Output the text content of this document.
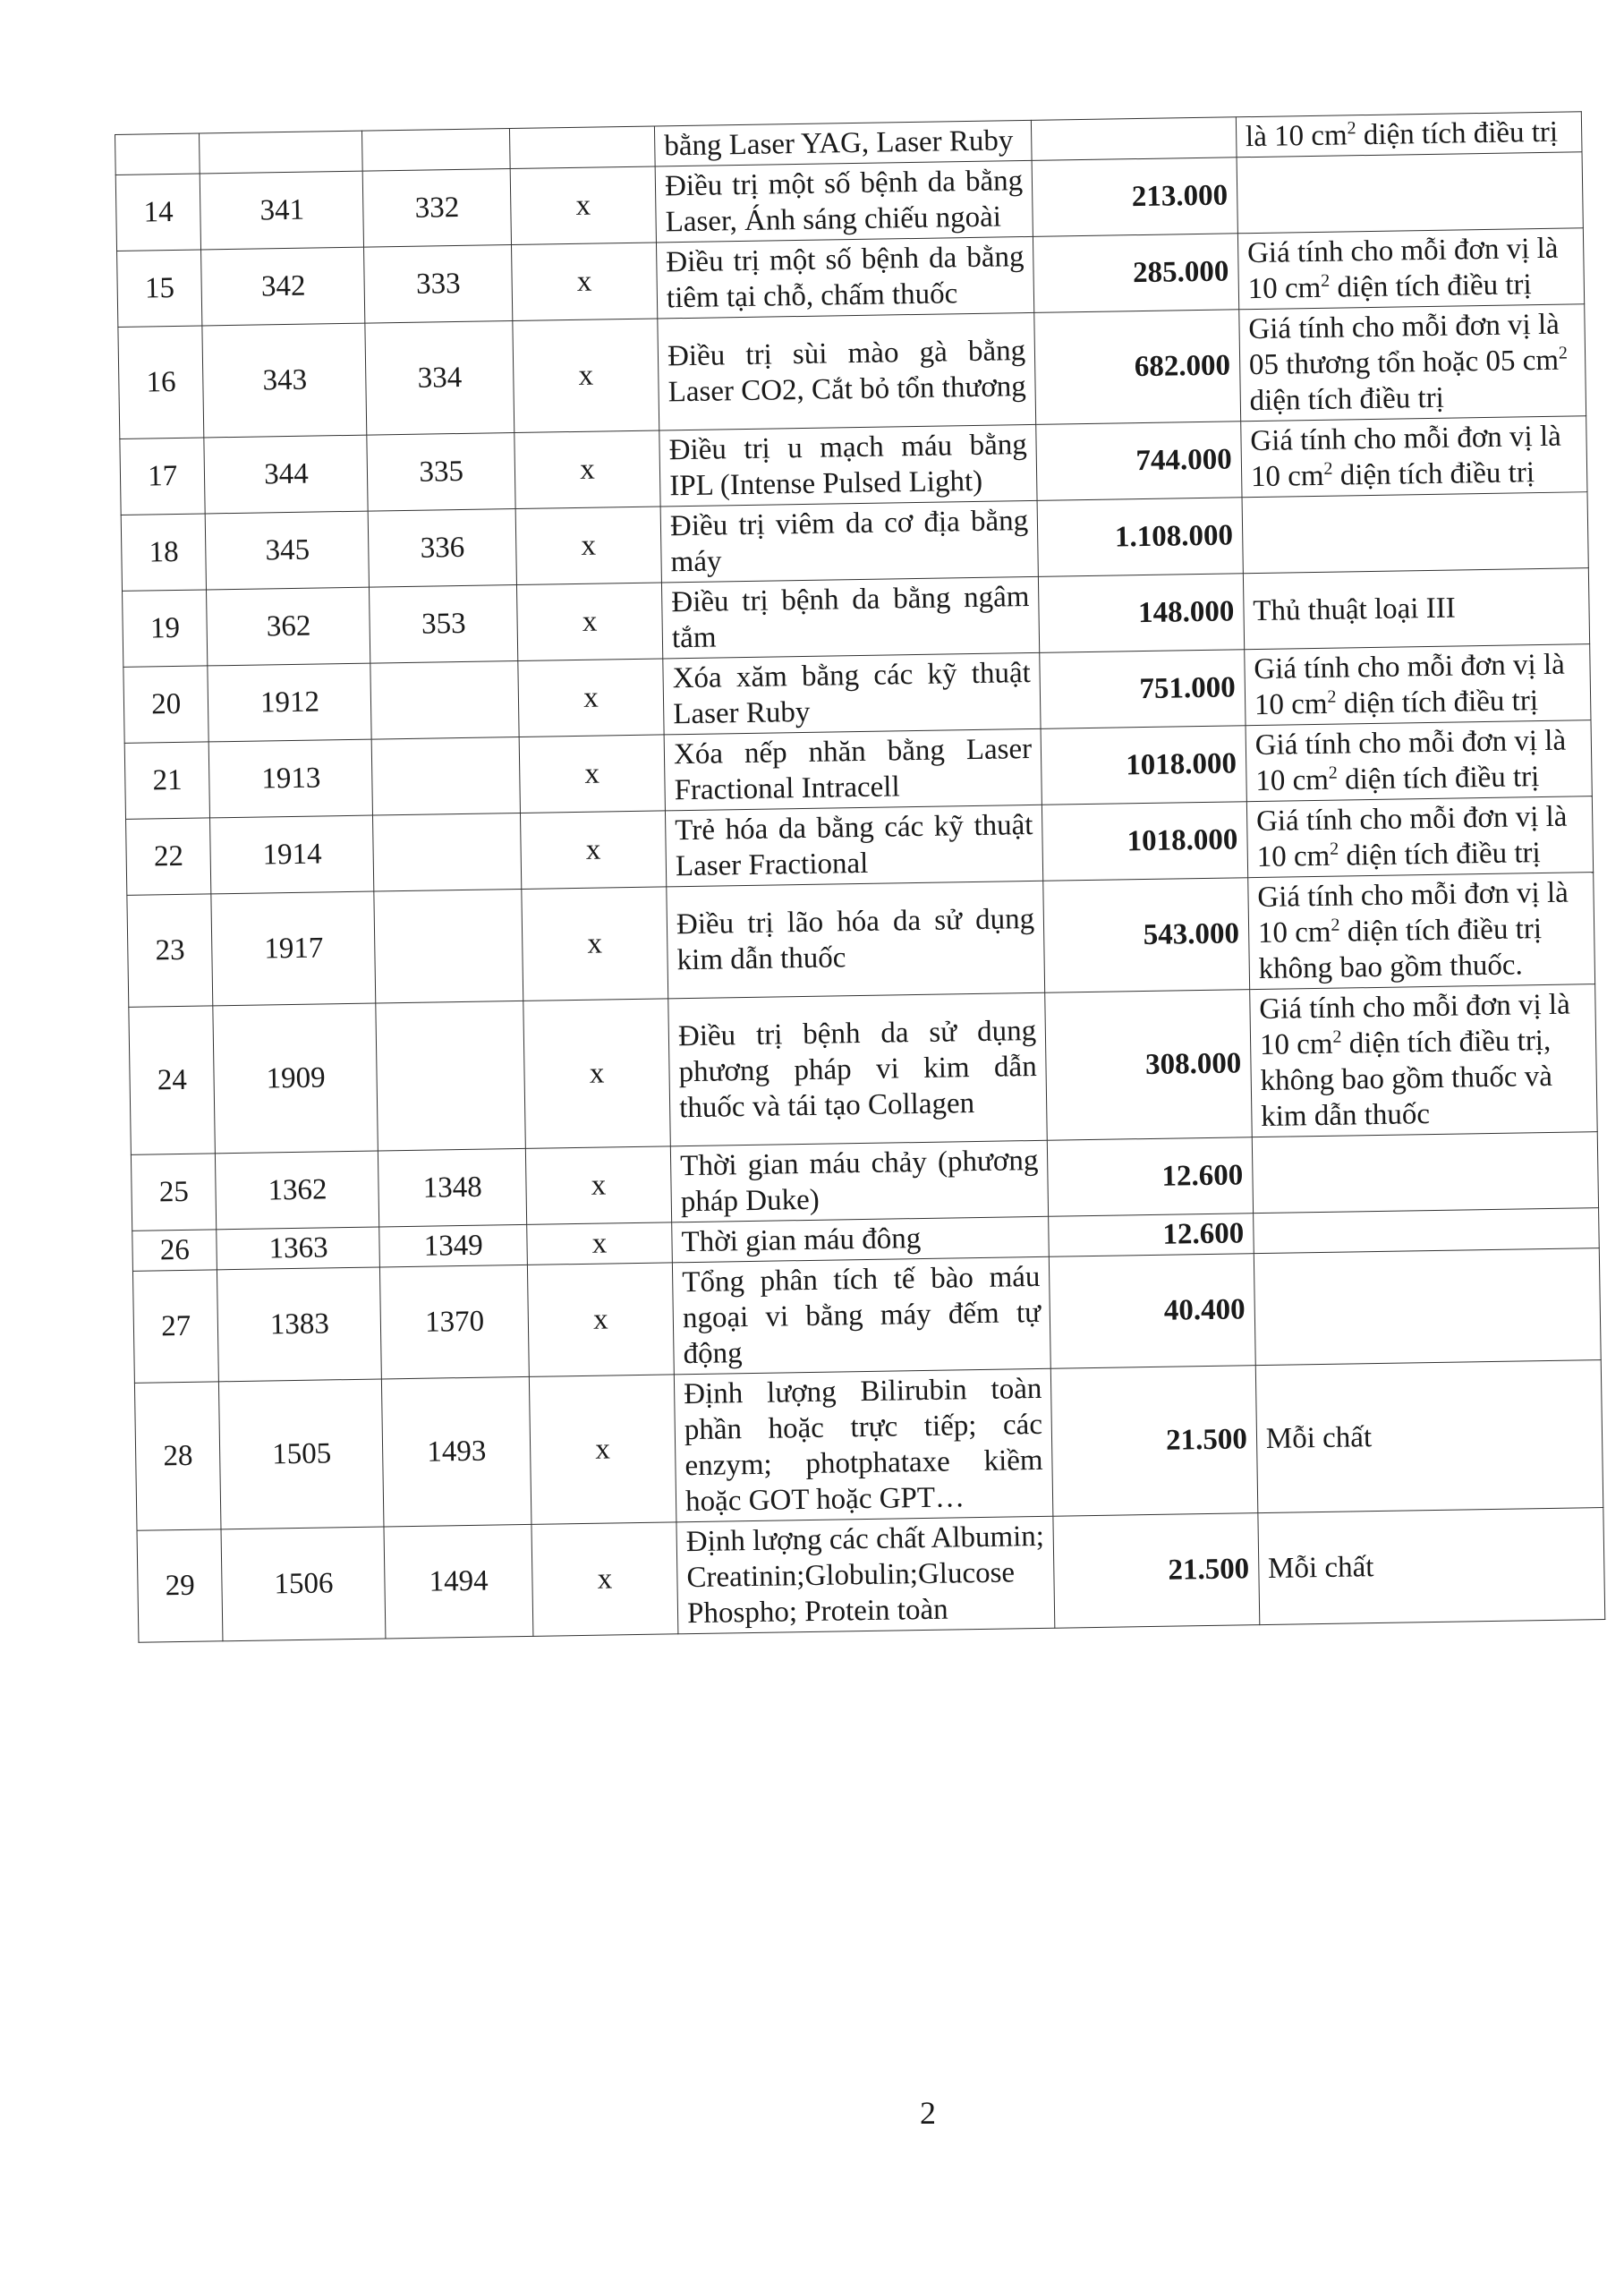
				bằng Laser YAG, Laser Ruby		là 10 $cm^2$ diện tích điều trị
14	341	332	x	Điều trị một số bệnh da bằng Laser, Ánh sáng chiếu ngoài	213.000	
15	342	333	x	Điều trị một số bệnh da bằng tiêm tại chỗ, chấm thuốc	285.000	Giá tính cho mỗi đơn vị là 10 $cm^2$ diện tích điều trị
16	343	334	x	Điều trị sùi mào gà bằng Laser CO2, Cắt bỏ tổn thương	682.000	Giá tính cho mỗi đơn vị là 05 thương tổn hoặc 05 $cm^2$ diện tích điều trị
17	344	335	x	Điều trị u mạch máu bằng IPL (Intense Pulsed Light)	744.000	Giá tính cho mỗi đơn vị là 10 $cm^2$ diện tích điều trị
18	345	336	x	Điều trị viêm da cơ địa bằng máy	1.108.000	
19	362	353	x	Điều trị bệnh da bằng ngâm tắm	148.000	Thủ thuật loại III
20	1912		x	Xóa xăm bằng các kỹ thuật Laser Ruby	751.000	Giá tính cho mỗi đơn vị là 10 $cm^2$ diện tích điều trị
21	1913		x	Xóa nếp nhăn bằng Laser Fractional Intracell	1018.000	Giá tính cho mỗi đơn vị là 10 $cm^2$ diện tích điều trị
22	1914		x	Trẻ hóa da bằng các kỹ thuật Laser Fractional	1018.000	Giá tính cho mỗi đơn vị là 10 $cm^2$ diện tích điều trị
23	1917		x	Điều trị lão hóa da sử dụng kim dẫn thuốc	543.000	Giá tính cho mỗi đơn vị là 10 $cm^2$ diện tích điều trị không bao gồm thuốc.
24	1909		x	Điều trị bệnh da sử dụng phương pháp vi kim dẫn thuốc và tái tạo Collagen	308.000	Giá tính cho mỗi đơn vị là 10 $cm^2$ diện tích điều trị, không bao gồm thuốc và kim dẫn thuốc
25	1362	1348	x	Thời gian máu chảy (phương pháp Duke)	12.600	
26	1363	1349	x	Thời gian máu đông	12.600	
27	1383	1370	x	Tổng phân tích tế bào máu ngoại vi bằng máy đếm tự động	40.400	
28	1505	1493	x	Định lượng Bilirubin toàn phần hoặc trực tiếp; các enzym; photphataxe kiềm hoặc GOT hoặc GPT…	21.500	Mỗi chất
29	1506	1494	x	Định lượng các chất Albumin; Creatinin;Globulin;Glucose Phospho; Protein toàn	21.500	Mỗi chất
2
